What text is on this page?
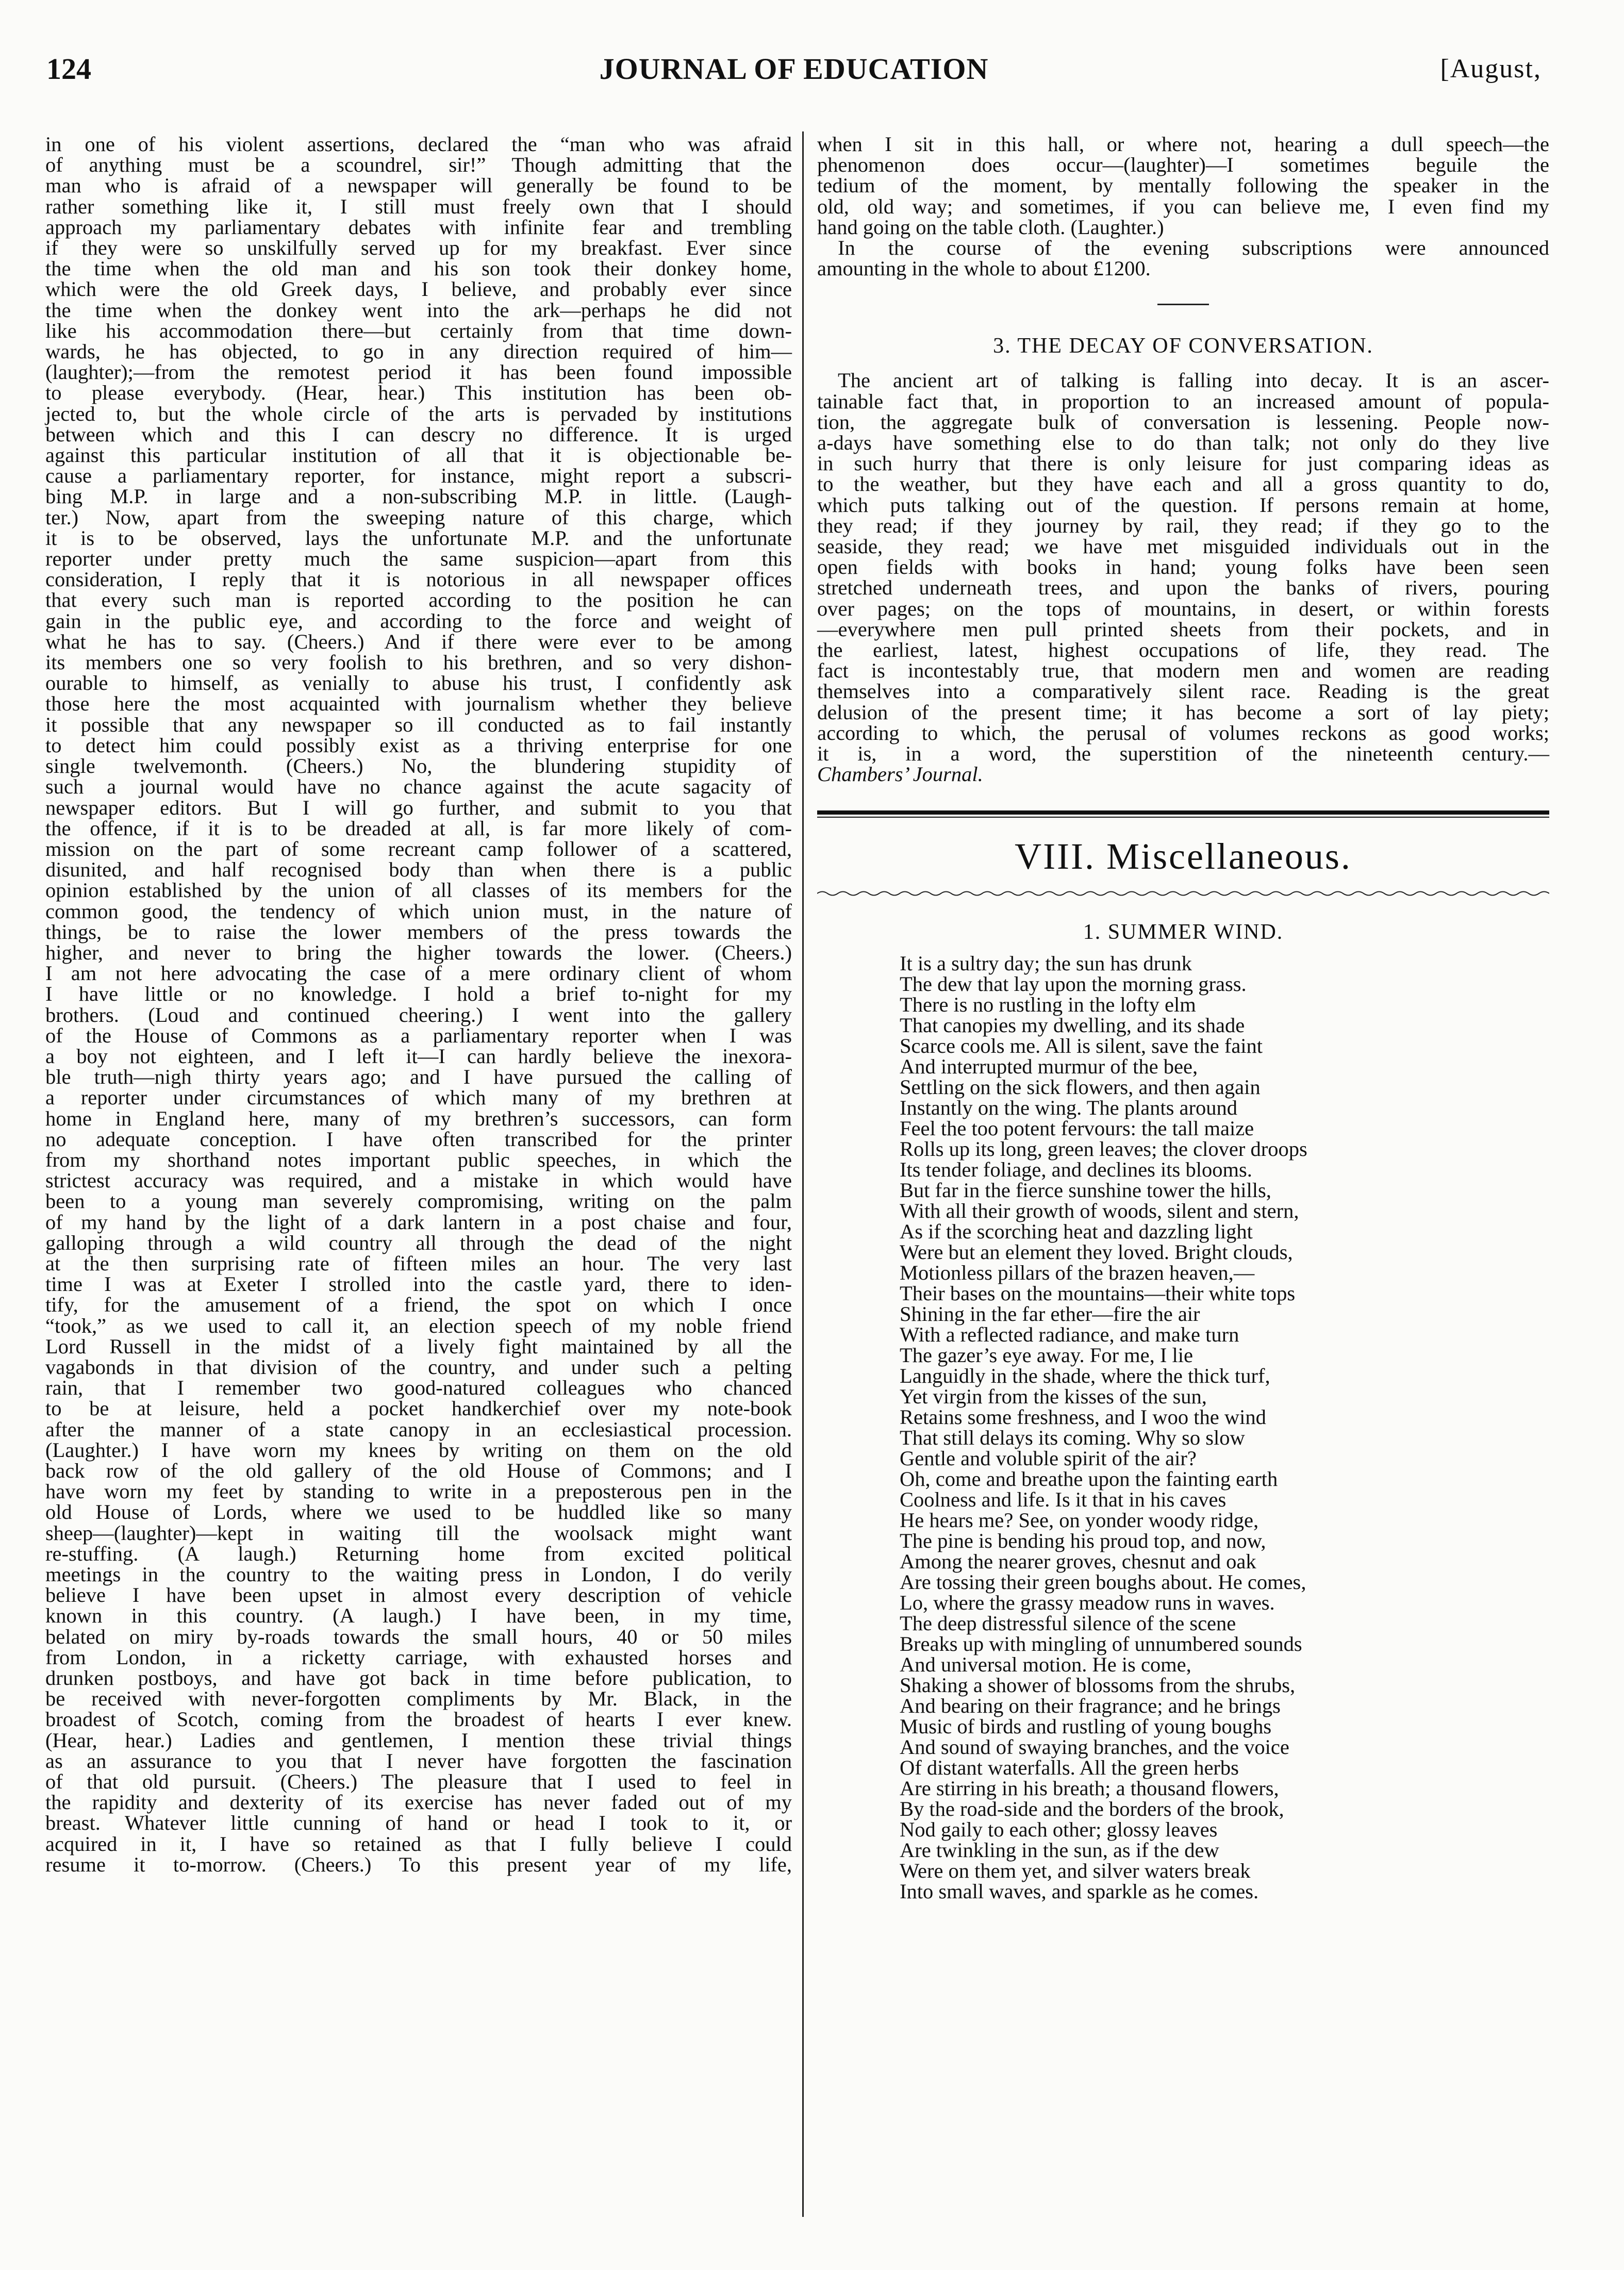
124	JOURNAL OF EDUCATION	[August,
in one of his violent assertions, declared the “man who was afraid
of anything must be a scoundrel, sir!” Though admitting that the
man who is afraid of a newspaper will generally be found to be
rather something like it, I still must freely own that I should
approach my parliamentary debates with infinite fear and trembling
if they were so unskilfully served up for my breakfast. Ever since
the time when the old man and his son took their donkey home,
which were the old Greek days, I believe, and probably ever since
the time when the donkey went into the ark—perhaps he did not
like his accommodation there—but certainly from that time down-
wards, he has objected, to go in any direction required of him—
(laughter);—from the remotest period it has been found impossible
to please everybody. (Hear, hear.) This institution has been ob-
jected to, but the whole circle of the arts is pervaded by institutions
between which and this I can descry no difference. It is urged
against this particular institution of all that it is objectionable be-
cause a parliamentary reporter, for instance, might report a subscri-
bing M.P. in large and a non-subscribing M.P. in little. (Laugh-
ter.) Now, apart from the sweeping nature of this charge, which
it is to be observed, lays the unfortunate M.P. and the unfortunate
reporter under pretty much the same suspicion—apart from this
consideration, I reply that it is notorious in all newspaper offices
that every such man is reported according to the position he can
gain in the public eye, and according to the force and weight of
what he has to say. (Cheers.) And if there were ever to be among
its members one so very foolish to his brethren, and so very dishon-
ourable to himself, as venially to abuse his trust, I confidently ask
those here the most acquainted with journalism whether they believe
it possible that any newspaper so ill conducted as to fail instantly
to detect him could possibly exist as a thriving enterprise for one
single twelvemonth. (Cheers.) No, the blundering stupidity of
such a journal would have no chance against the acute sagacity of
newspaper editors. But I will go further, and submit to you that
the offence, if it is to be dreaded at all, is far more likely of com-
mission on the part of some recreant camp follower of a scattered,
disunited, and half recognised body than when there is a public
opinion established by the union of all classes of its members for the
common good, the tendency of which union must, in the nature of
things, be to raise the lower members of the press towards the
higher, and never to bring the higher towards the lower. (Cheers.)
I am not here advocating the case of a mere ordinary client of whom
I have little or no knowledge. I hold a brief to-night for my
brothers. (Loud and continued cheering.) I went into the gallery
of the House of Commons as a parliamentary reporter when I was
a boy not eighteen, and I left it—I can hardly believe the inexora-
ble truth—nigh thirty years ago; and I have pursued the calling of
a reporter under circumstances of which many of my brethren at
home in England here, many of my brethren’s successors, can form
no adequate conception. I have often transcribed for the printer
from my shorthand notes important public speeches, in which the
strictest accuracy was required, and a mistake in which would have
been to a young man severely compromising, writing on the palm
of my hand by the light of a dark lantern in a post chaise and four,
galloping through a wild country all through the dead of the night
at the then surprising rate of fifteen miles an hour. The very last
time I was at Exeter I strolled into the castle yard, there to iden-
tify, for the amusement of a friend, the spot on which I once
“took,” as we used to call it, an election speech of my noble friend
Lord Russell in the midst of a lively fight maintained by all the
vagabonds in that division of the country, and under such a pelting
rain, that I remember two good-natured colleagues who chanced
to be at leisure, held a pocket handkerchief over my note-book
after the manner of a state canopy in an ecclesiastical procession.
(Laughter.) I have worn my knees by writing on them on the old
back row of the old gallery of the old House of Commons; and I
have worn my feet by standing to write in a preposterous pen in the
old House of Lords, where we used to be huddled like so many
sheep—(laughter)—kept in waiting till the woolsack might want
re-stuffing. (A laugh.) Returning home from excited political
meetings in the country to the waiting press in London, I do verily
believe I have been upset in almost every description of vehicle
known in this country. (A laugh.) I have been, in my time,
belated on miry by-roads towards the small hours, 40 or 50 miles
from London, in a ricketty carriage, with exhausted horses and
drunken postboys, and have got back in time before publication, to
be received with never-forgotten compliments by Mr. Black, in the
broadest of Scotch, coming from the broadest of hearts I ever knew.
(Hear, hear.) Ladies and gentlemen, I mention these trivial things
as an assurance to you that I never have forgotten the fascination
of that old pursuit. (Cheers.) The pleasure that I used to feel in
the rapidity and dexterity of its exercise has never faded out of my
breast. Whatever little cunning of hand or head I took to it, or
acquired in it, I have so retained as that I fully believe I could
resume it to-morrow. (Cheers.) To this present year of my life,
when I sit in this hall, or where not, hearing a dull speech—the
phenomenon does occur—(laughter)—I sometimes beguile the
tedium of the moment, by mentally following the speaker in the
old, old way; and sometimes, if you can believe me, I even find my
hand going on the table cloth. (Laughter.)
In the course of the evening subscriptions were announced
amounting in the whole to about £1200.
3. THE DECAY OF CONVERSATION.
The ancient art of talking is falling into decay. It is an ascer-
tainable fact that, in proportion to an increased amount of popula-
tion, the aggregate bulk of conversation is lessening. People now-
a-days have something else to do than talk; not only do they live
in such hurry that there is only leisure for just comparing ideas as
to the weather, but they have each and all a gross quantity to do,
which puts talking out of the question. If persons remain at home,
they read; if they journey by rail, they read; if they go to the
seaside, they read; we have met misguided individuals out in the
open fields with books in hand; young folks have been seen
stretched underneath trees, and upon the banks of rivers, pouring
over pages; on the tops of mountains, in desert, or within forests
—everywhere men pull printed sheets from their pockets, and in
the earliest, latest, highest occupations of life, they read. The
fact is incontestably true, that modern men and women are reading
themselves into a comparatively silent race. Reading is the great
delusion of the present time; it has become a sort of lay piety;
according to which, the perusal of volumes reckons as good works;
it is, in a word, the superstition of the nineteenth century.—
Chambers’ Journal.
VIII. Miscellaneous.
1. SUMMER WIND.
It is a sultry day; the sun has drunk
The dew that lay upon the morning grass.
There is no rustling in the lofty elm
That canopies my dwelling, and its shade
Scarce cools me. All is silent, save the faint
And interrupted murmur of the bee,
Settling on the sick flowers, and then again
Instantly on the wing. The plants around
Feel the too potent fervours: the tall maize
Rolls up its long, green leaves; the clover droops
Its tender foliage, and declines its blooms.
But far in the fierce sunshine tower the hills,
With all their growth of woods, silent and stern,
As if the scorching heat and dazzling light
Were but an element they loved. Bright clouds,
Motionless pillars of the brazen heaven,—
Their bases on the mountains—their white tops
Shining in the far ether—fire the air
With a reflected radiance, and make turn
The gazer’s eye away. For me, I lie
Languidly in the shade, where the thick turf,
Yet virgin from the kisses of the sun,
Retains some freshness, and I woo the wind
That still delays its coming. Why so slow
Gentle and voluble spirit of the air?
Oh, come and breathe upon the fainting earth
Coolness and life. Is it that in his caves
He hears me? See, on yonder woody ridge,
The pine is bending his proud top, and now,
Among the nearer groves, chesnut and oak
Are tossing their green boughs about. He comes,
Lo, where the grassy meadow runs in waves.
The deep distressful silence of the scene
Breaks up with mingling of unnumbered sounds
And universal motion. He is come,
Shaking a shower of blossoms from the shrubs,
And bearing on their fragrance; and he brings
Music of birds and rustling of young boughs
And sound of swaying branches, and the voice
Of distant waterfalls. All the green herbs
Are stirring in his breath; a thousand flowers,
By the road-side and the borders of the brook,
Nod gaily to each other; glossy leaves
Are twinkling in the sun, as if the dew
Were on them yet, and silver waters break
Into small waves, and sparkle as he comes.
